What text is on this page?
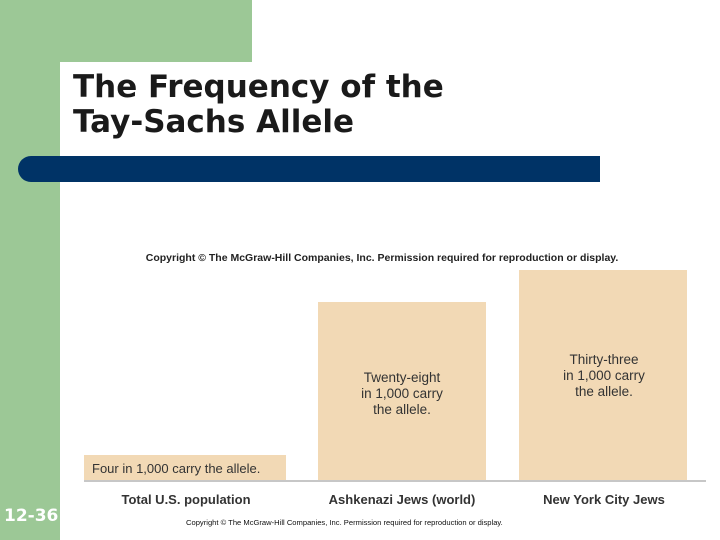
The Frequency of the
Tay-Sachs Allele
Copyright © The McGraw-Hill Companies, Inc. Permission required for reproduction or display.
Four in 1,000 carry the allele.
Total U.S. population
Twenty-eight
in 1,000 carry
the allele.
Ashkenazi Jews (world)
Thirty-three
in 1,000 carry
the allele.
New York City Jews
12-36	Copyright © The McGraw-Hill Companies, Inc. Permission required for reproduction or display.
